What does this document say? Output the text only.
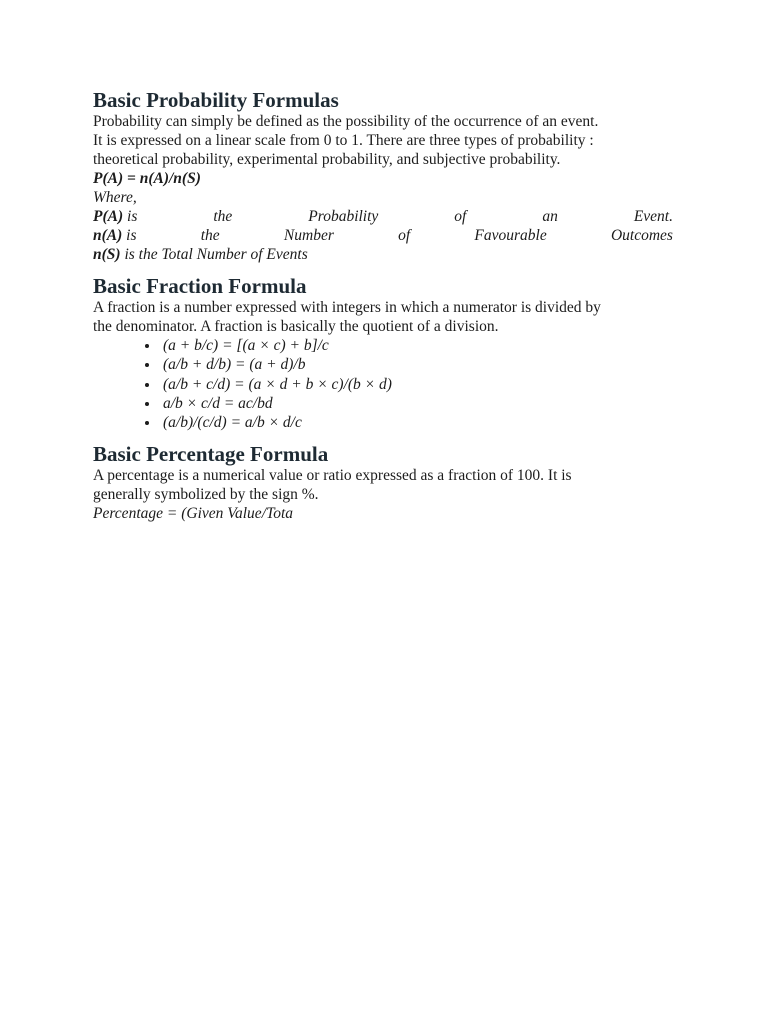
Basic Probability Formulas

Probability can simply be defined as the possibility of the occurrence of an event.

It is expressed on a linear scale from 0 to 1. There are three types of probability :

theoretical probability, experimental probability, and subjective probability.

P(A) = n(A)/n(S)
Where,
P(A) is	the	Probability	of	an	Event.
n(A) is	the	Number	of	Favourable	Outcomes
n(S) is the Total Number of Events
Basic Fraction Formula

A fraction is a number expressed with integers in which a numerator is divided by

the denominator. A fraction is basically the quotient of a division.

(a + b/c) = [(a × c) + b]/c
(a/b + d/b) = (a + d)/b
(a/b + c/d) = (a × d + b × c)/(b × d)
a/b × c/d = ac/bd
(a/b)/(c/d) = a/b × d/c
Basic Percentage Formula

A percentage is a numerical value or ratio expressed as a fraction of 100. It is

generally symbolized by the sign %.

Percentage = (Given Value/Tota
